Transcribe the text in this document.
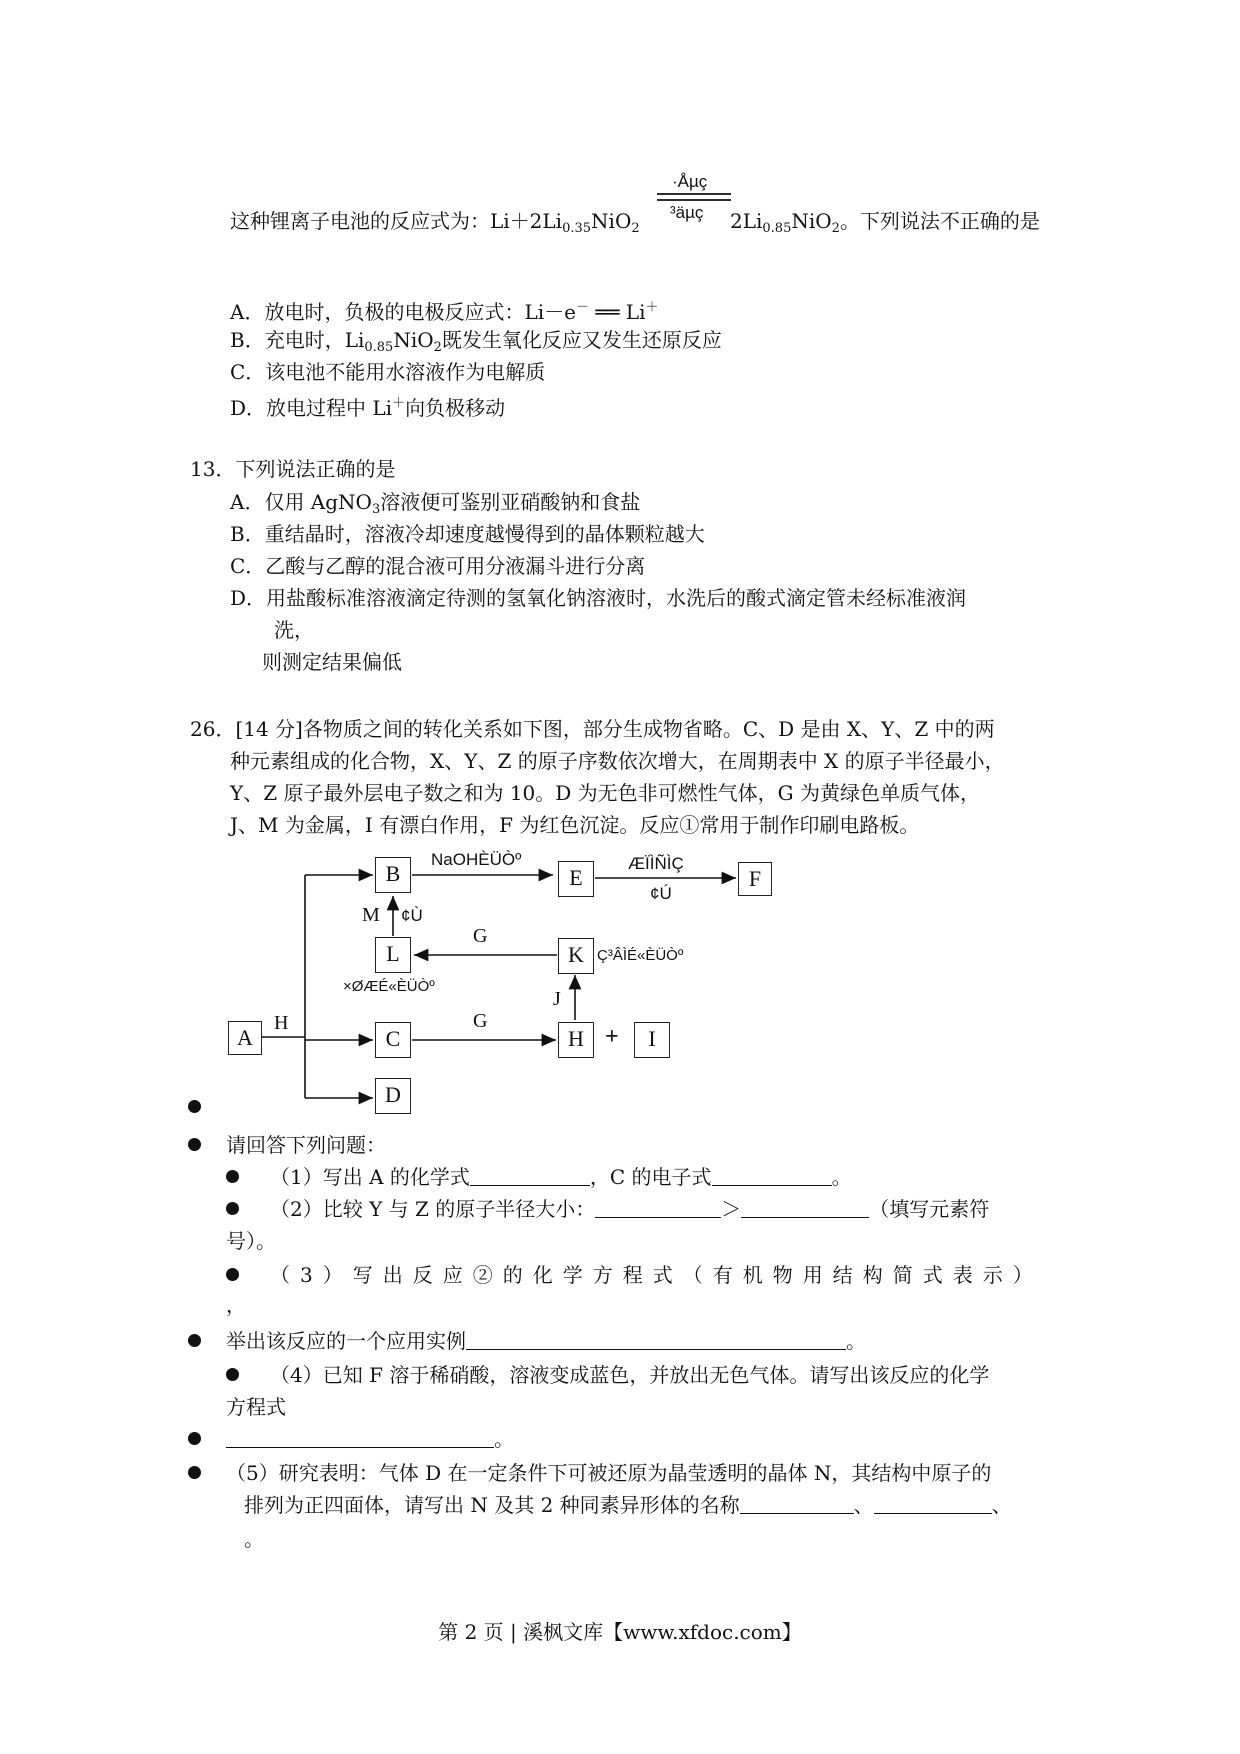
这种锂离子电池的反应式为：$Li+2Li_{0.35}NiO_2$
·Åµç
³äµç $2Li_{0.85}NiO_2$。下列说法不正确的是
A．放电时，负极的电极反应式：Li－e－ ══ Li＋
B．充电时，$Li_{0.85}NiO_2$既发生氧化反应又发生还原反应
C．该电池不能用水溶液作为电解质
D．放电过程中 Li＋向负极移动
13．下列说法正确的是
A．仅用 AgNO$_3$溶液便可鉴别亚硝酸钠和食盐
B．重结晶时，溶液冷却速度越慢得到的晶体颗粒越大
C．乙酸与乙醇的混合液可用分液漏斗进行分离
D．用盐酸标准溶液滴定待测的氢氧化钠溶液时，水洗后的酸式滴定管未经标准液润
洗，
则测定结果偏低
26．[14 分]各物质之间的转化关系如下图，部分生成物省略。C、D 是由 X、Y、Z 中的两
种元素组成的化合物，X、Y、Z 的原子序数依次增大，在周期表中 X 的原子半径最小，
Y、Z 原子最外层电子数之和为 10。D 为无色非可燃性气体，G 为黄绿色单质气体，
J、M 为金属，I 有漂白作用，F 为红色沉淀。反应①常用于制作印刷电路板。
A
B
L
C
D
E	F
K
H	I
+
H	G
G
J
M
NaOHÈÜÒº	ÆÏÌÑÌÇ
¢Ú
¢Ù
Ç³ÂÌÉ«ÈÜÒº
×ØÆÉ«ÈÜÒº
请回答下列问题：
（1）写出 A 的化学式	，C 的电子式	。
（2）比较 Y 与 Z 的原子半径大小：	＞	（填写元素符
号）。
（3）写出反应②的化学方程式（有机物用结构简式表示）
，
举出该反应的一个应用实例	。
（4）已知 F 溶于稀硝酸，溶液变成蓝色，并放出无色气体。请写出该反应的化学
方程式
。
（5）研究表明：气体 D 在一定条件下可被还原为晶莹透明的晶体 N，其结构中原子的
排列为正四面体，请写出 N 及其 2 种同素异形体的名称	、	、
。
第 2 页 | 溪枫文库【www.xfdoc.com】
